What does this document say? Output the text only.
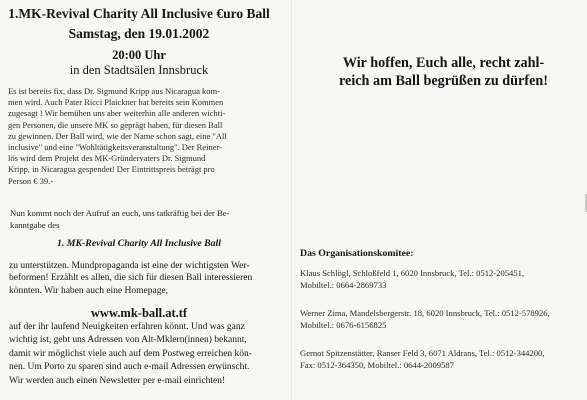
1.MK-Revival Charity All Inclusive €uro Ball
Samstag, den 19.01.2002
20:00 Uhr
in den Stadtsälen Innsbruck
Es ist bereits fix, dass Dr. Sigmund Kripp aus Nicaragua kom-
men wird. Auch Pater Ricci Plaickner hat bereits sein Kommen
zugesagt ! Wir bemühen uns aber weiterhin alle anderen wichti-
gen Personen, die unsere MK so geprägt haben, für diesen Ball
zu gewinnen. Der Ball wird, wie der Name schon sagt, eine "All
inclusive" und eine "Wohltätigkeitsveranstaltung". Der Reiner-
lös wird dem Projekt des MK-Gründervaters Dr. Sigmund
Kripp, in Nicaragua gespendet! Der Eintrittspreis beträgt pro
Person € 39.-
Nun kommt noch der Aufruf an euch, uns tatkräftig bei der Be-
kanntgabe des
1. MK-Revival Charity All Inclusive Ball
zu unterstützen. Mundpropaganda ist eine der wichtigsten Wer-
beformen! Erzählt es allen, die sich für diesen Ball interessieren
könnten. Wir haben auch eine Homepage,
www.mk-ball.at.tf
auf der ihr laufend Neuigkeiten erfahren könnt. Und was ganz
wichtig ist, gebt uns Adressen von Alt-Mklern(innen) bekannt,
damit wir möglichst viele auch auf dem Postweg erreichen kön-
nen. Um Porto zu sparen sind auch e-mail Adressen erwünscht.
Wir werden auch einen Newsletter per e-mail einrichten!
Wir hoffen, Euch alle, recht zahl-
reich am Ball begrüßen zu dürfen!
Das Organisationskomitee:
Klaus Schlögl, Schloßfeld 1, 6020 Innsbruck, Tel.: 0512-205451,
Mobiltel.: 0664-2869733
Werner Zima, Mandelsbergerstr. 18, 6020 Innsbruck, Tel.: 0512-578926,
Mobiltel.: 0676-6156825
Gernot Spitzenstätter, Ranser Feld 3, 6071 Aldrans, Tel.: 0512-344200,
Fax: 0512-364350, Mobiltel.: 0644-2009587
